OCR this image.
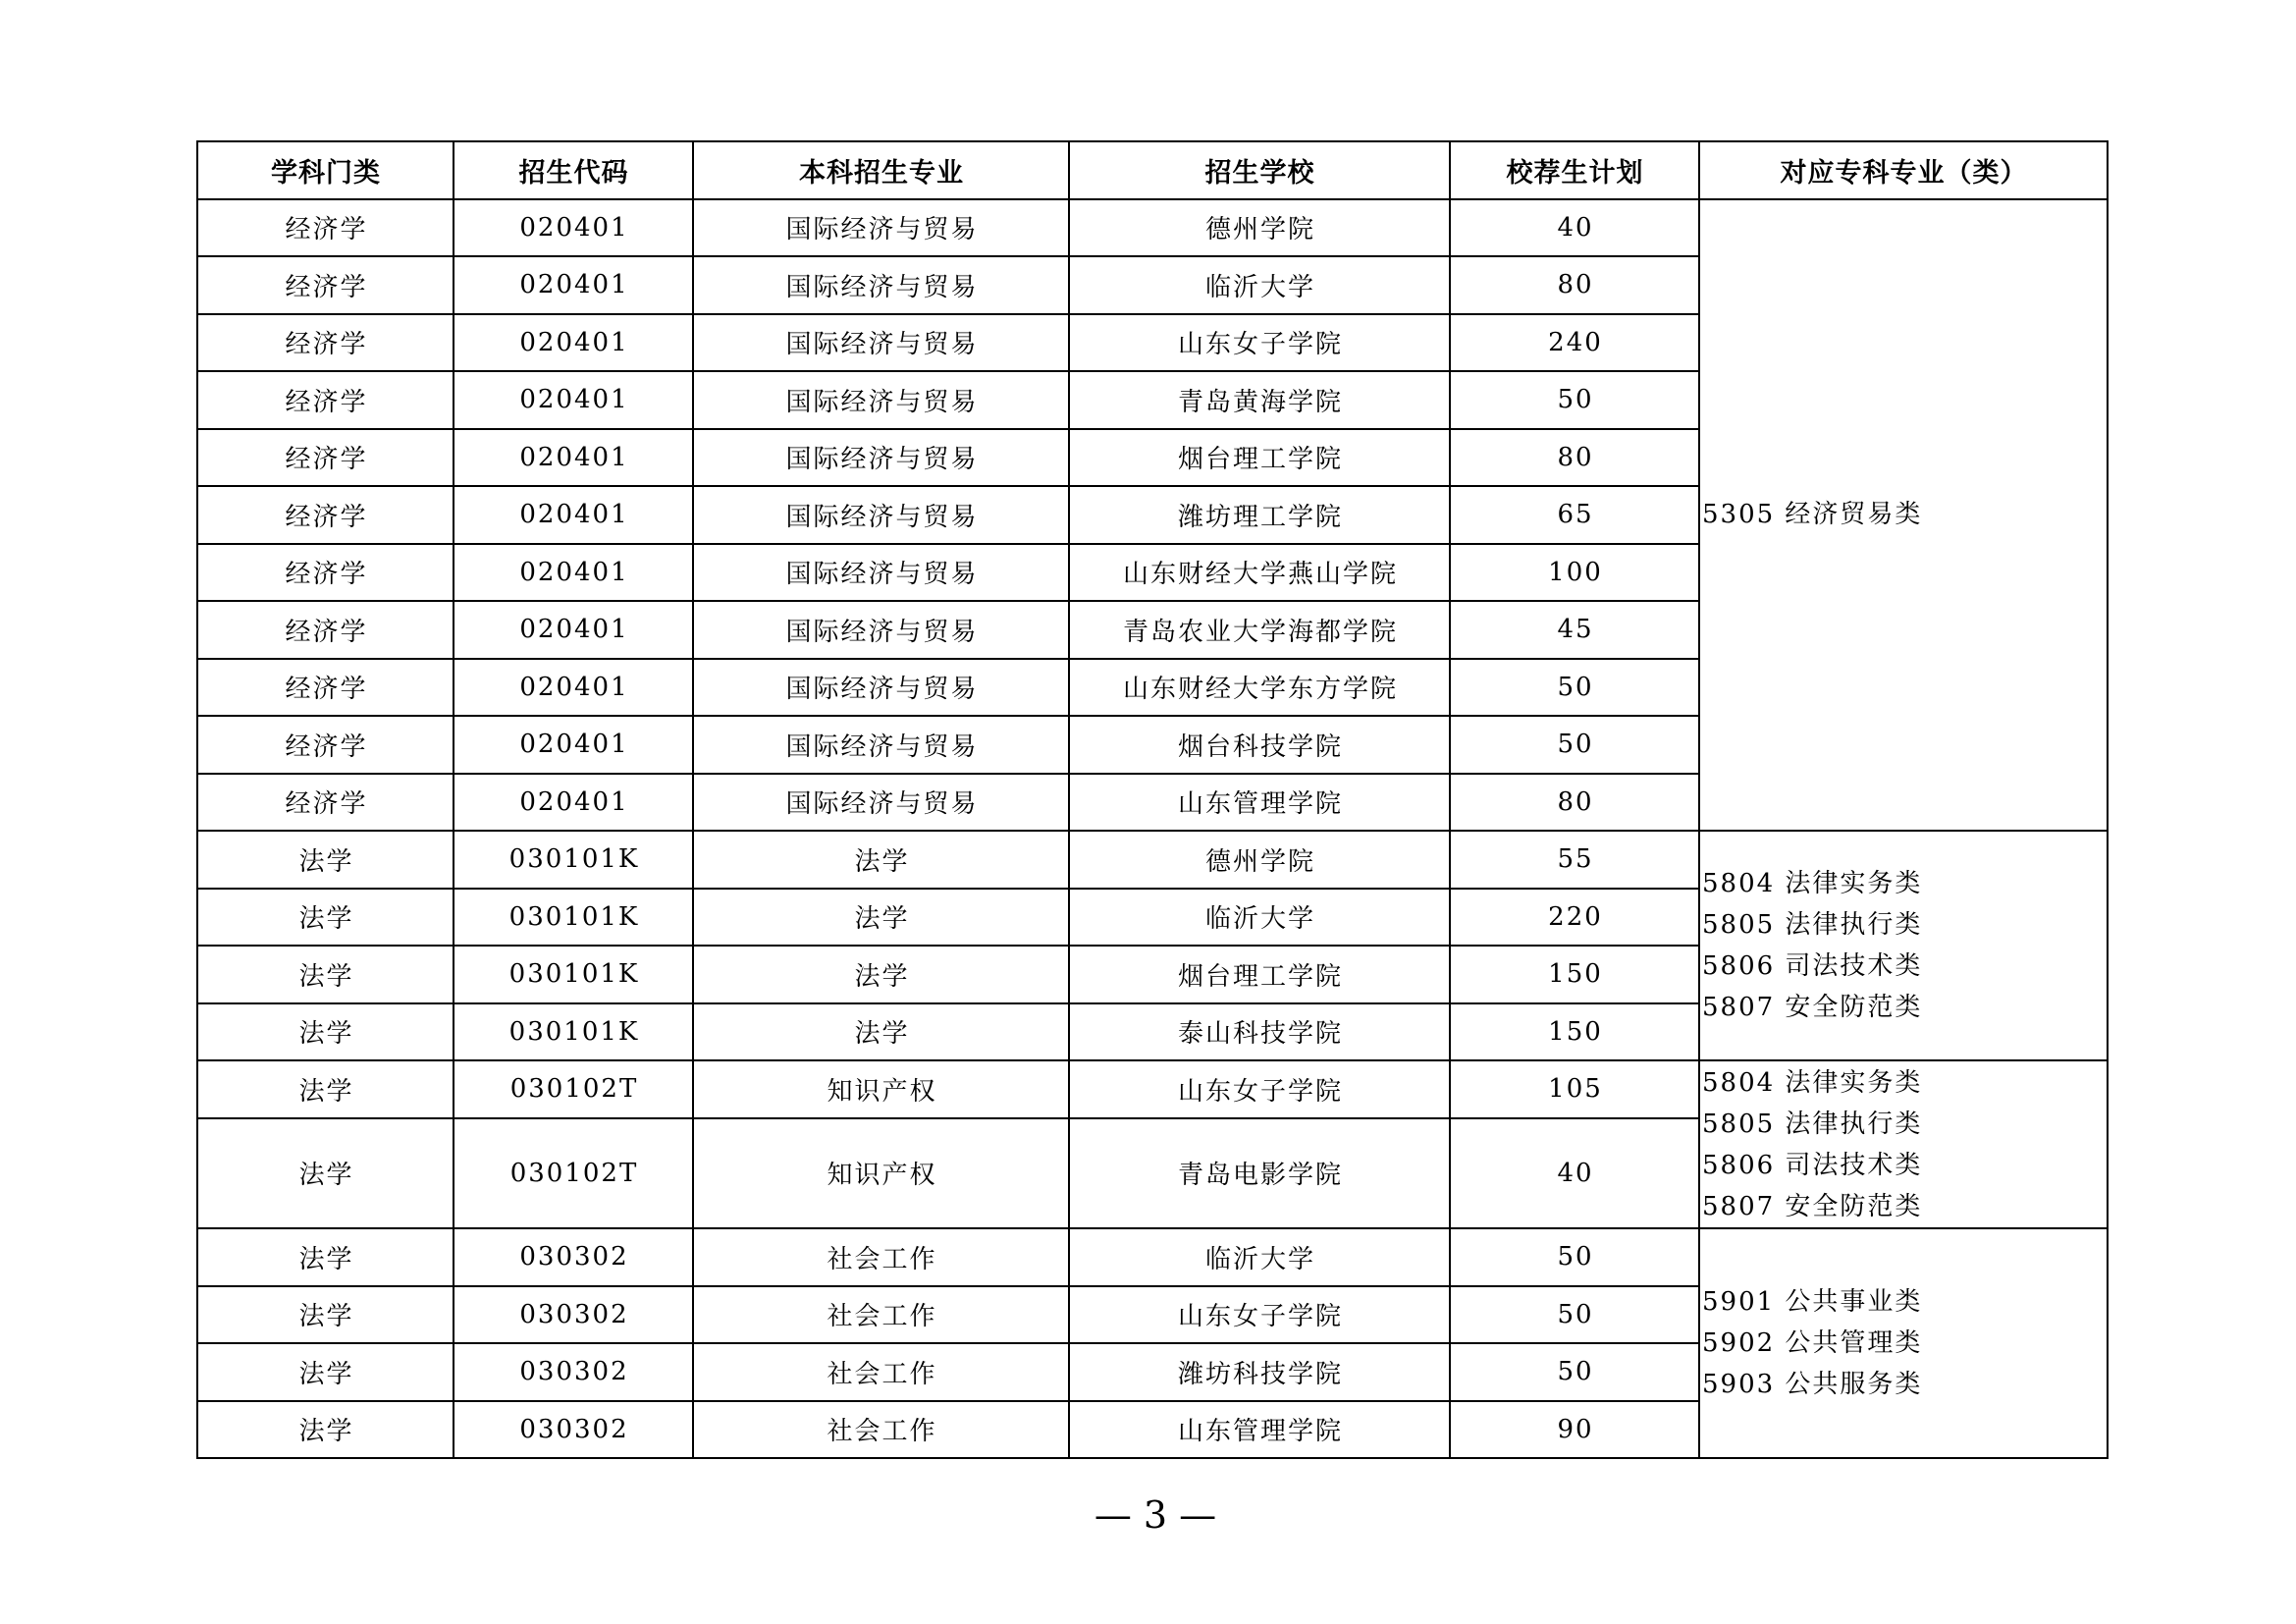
学科门类	招生代码	本科招生专业	招生学校	校荐生计划	对应专科专业（类）
经济学	020401	国际经济与贸易	德州学院	40	5305 经济贸易类

经济学	020401	国际经济与贸易	临沂大学	80	
经济学	020401	国际经济与贸易	山东女子学院	240	
经济学	020401	国际经济与贸易	青岛黄海学院	50	
经济学	020401	国际经济与贸易	烟台理工学院	80	
经济学	020401	国际经济与贸易	潍坊理工学院	65	
经济学	020401	国际经济与贸易	山东财经大学燕山学院	100	
经济学	020401	国际经济与贸易	青岛农业大学海都学院	45	
经济学	020401	国际经济与贸易	山东财经大学东方学院	50	
经济学	020401	国际经济与贸易	烟台科技学院	50	
经济学	020401	国际经济与贸易	山东管理学院	80	
法学	030101K	法学	德州学院	55	5804 法律实务类
5805 法律执行类
5806 司法技术类
5807 安全防范类

法学	030101K	法学	临沂大学	220	
法学	030101K	法学	烟台理工学院	150	
法学	030101K	法学	泰山科技学院	150	
法学	030102T	知识产权	山东女子学院	105	5804 法律实务类
5805 法律执行类
5806 司法技术类
5807 安全防范类

法学	030102T	知识产权	青岛电影学院	40	
法学	030302	社会工作	临沂大学	50	5901 公共事业类
5902 公共管理类
5903 公共服务类

法学	030302	社会工作	山东女子学院	50	
法学	030302	社会工作	潍坊科技学院	50	
法学	030302	社会工作	山东管理学院	90	
— 3 —
